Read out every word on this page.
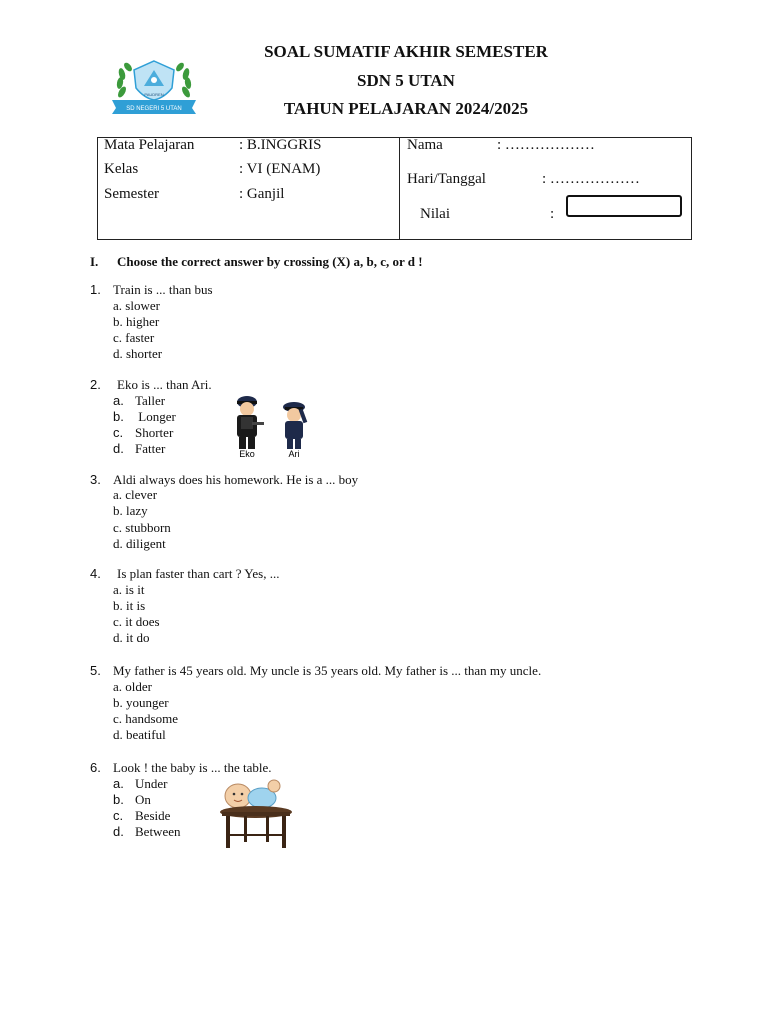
SOAL SUMATIF AKHIR SEMESTER
SDN 5 UTAN
TAHUN PELAJARAN 2024/2025
SD NEGERI 5 UTAN
PAUDREN
Mata Pelajaran	: B.INGGRIS
Kelas	: VI (ENAM)
Semester	: Ganjil
Nama	: ………………
Hari/Tanggal	: ………………
Nilai	:
I. Choose the correct answer by crossing (X) a, b, c, or d !
1. Train is ... than bus
a. slower
b. higher
c. faster
d. shorter
2. Eko is ... than Ari.
a. Taller
b. Longer
c. Shorter
d. Fatter	Eko	Ari
3. Aldi always does his homework. He is a ... boy
a. clever
b. lazy
c. stubborn
d. diligent
4. Is plan faster than cart ? Yes, ...
a. is it
b. it is
c. it does
d. it do
5. My father is 45 years old. My uncle is 35 years old. My father is ... than my uncle.
a. older
b. younger
c. handsome
d. beatiful
6. Look ! the baby is ... the table.
a. Under
b. On
c. Beside
d. Between
